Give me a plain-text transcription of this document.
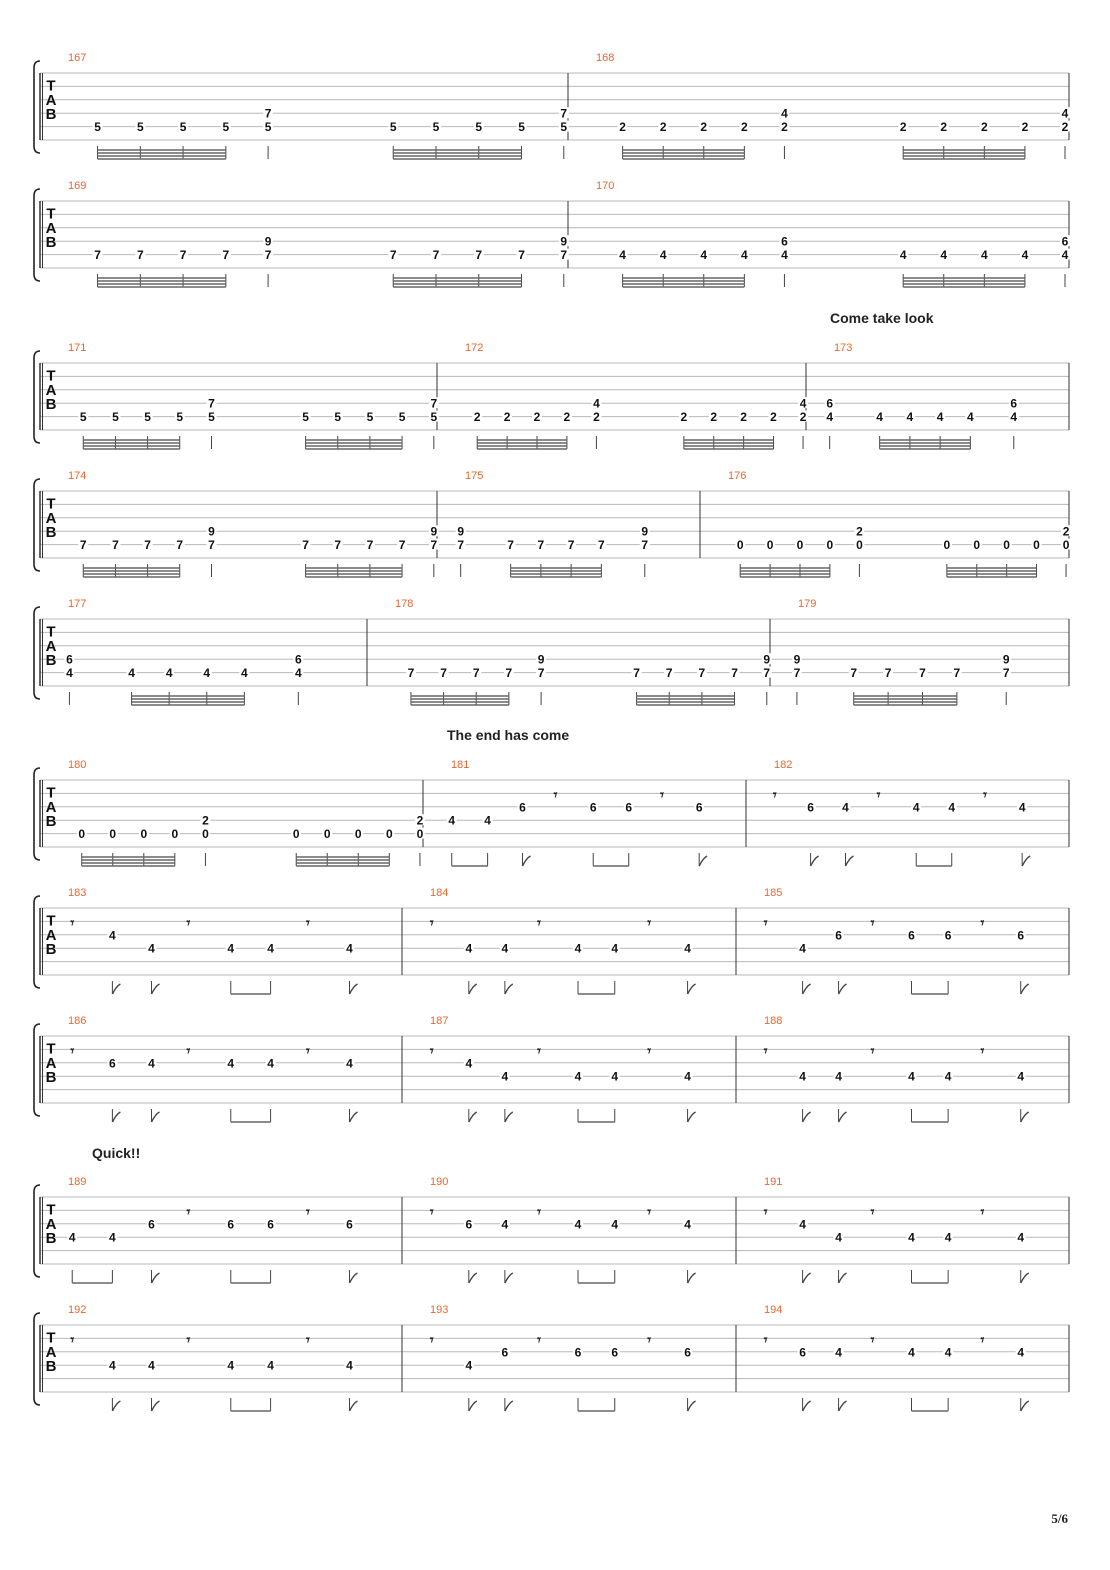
T
A
B
167
5	5	5	5
7
5	5	5	5	5
7
5
168
2	2	2	2
4
2	2	2	2	2
4
2
T
A
B
169
7	7	7	7
9
7	7	7	7	7
9
7
170
4	4	4	4
6
4	4	4	4	4
6
4
T
A
B
171
5 5 5 5
7
5	5 5 5 5
7
5
172
2 2 2 2
4
2	2 2 2 2
4
2
173
6
4	4 4 4 4
6
4
T
A
B
174
7 7 7 7
9
7	7 7 7 7
9
7
175
9
7	7 7 7 7
9
7
176
0 0 0 0
2
0	0 0 0 0
2
0
T
A
B
177
6
4	4	4	4	4
6
4
178
7 7 7 7
9
7	7 7 7 7
9
7
179
9
7	7 7 7 7
9
7
T
A
B
180
0 0 0 0
2
0	0 0 0 0
2
0
181
4 4
6	6 6	6
𝄾	𝄾
182
𝄾	𝄾	𝄾
6 4	4 4	4
T
A
B
183
𝄾	𝄾	𝄾
4
4	4	4	4
184
𝄾	𝄾	𝄾
4 4	4	4	4
185
𝄾	𝄾	𝄾
4
6	6 6	6
T
A
B
186
𝄾	𝄾	𝄾
6	4	4	4	4
187
𝄾	𝄾	𝄾
4
4	4	4	4
188
𝄾	𝄾	𝄾
4 4	4 4	4
T
A
B
189
4	4
6	6	6	6
𝄾	𝄾
190
𝄾	𝄾	𝄾
6 4	4	4	4
191
𝄾	𝄾	𝄾
4
4	4 4	4
T
A
B
192
𝄾	𝄾	𝄾
4	4	4	4	4
193
𝄾	𝄾	𝄾
4
6	6	6	6
194
𝄾	𝄾	𝄾
6 4	4 4	4
Come take look
The end has come
Quick!!
5/6
